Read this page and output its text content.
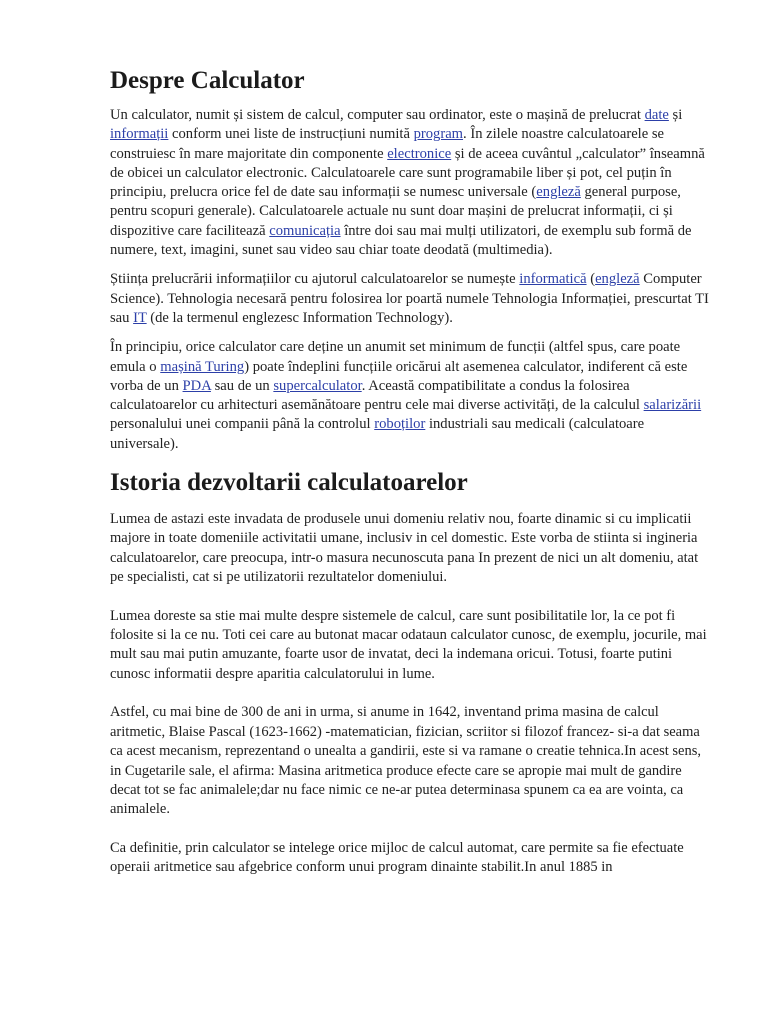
Despre Calculator

Un calculator, numit și sistem de calcul, computer sau ordinator, este o mașină de prelucrat date și informații conform unei liste de instrucțiuni numită program. În zilele noastre calculatoarele se construiesc în mare majoritate din componente electronice și de aceea cuvântul „calculator” înseamnă de obicei un calculator electronic. Calculatoarele care sunt programabile liber și pot, cel puțin în principiu, prelucra orice fel de date sau informații se numesc universale (engleză general purpose, pentru scopuri generale). Calculatoarele actuale nu sunt doar mașini de prelucrat informații, ci și dispozitive care facilitează comunicația între doi sau mai mulți utilizatori, de exemplu sub formă de numere, text, imagini, sunet sau video sau chiar toate deodată (multimedia).

Știința prelucrării informațiilor cu ajutorul calculatoarelor se numește informatică (engleză Computer Science). Tehnologia necesară pentru folosirea lor poartă numele Tehnologia Informației, prescurtat TI sau IT (de la termenul englezesc Information Technology).

În principiu, orice calculator care deține un anumit set minimum de funcții (altfel spus, care poate emula o mașină Turing) poate îndeplini funcțiile oricărui alt asemenea calculator, indiferent că este vorba de un PDA sau de un supercalculator. Această compatibilitate a condus la folosirea calculatoarelor cu arhitecturi asemănătoare pentru cele mai diverse activități, de la calculul salarizării personalului unei companii până la controlul roboților industriali sau medicali (calculatoare universale).

Istoria dezvoltarii calculatoarelor

Lumea de astazi este invadata de produsele unui domeniu relativ nou, foarte dinamic si cu implicatii majore in toate domeniile activitatii umane, inclusiv in cel domestic. Este vorba de stiinta si ingineria calculatoarelor, care preocupa, intr-o masura necunoscuta pana In prezent de nici un alt domeniu, atat pe specialisti, cat si pe utilizatorii rezultatelor domeniului.

Lumea doreste sa stie mai multe despre sistemele de calcul, care sunt posibilitatile lor, la ce pot fi folosite si la ce nu. Toti cei care au butonat macar odataun calculator cunosc, de exemplu, jocurile, mai mult sau mai putin amuzante, foarte usor de invatat, deci la indemana oricui. Totusi, foarte putini cunosc informatii despre aparitia calculatorului in lume.

Astfel, cu mai bine de 300 de ani in urma, si anume in 1642, inventand prima masina de calcul aritmetic, Blaise Pascal (1623-1662) -matematician, fizician, scriitor si filozof francez- si-a dat seama ca acest mecanism, reprezentand o unealta a gandirii, este si va ramane o creatie tehnica.In acest sens, in Cugetarile sale, el afirma: Masina aritmetica produce efecte care se apropie mai mult de gandire decat tot se fac animalele;dar nu face nimic ce ne-ar putea determinasa spunem ca ea are vointa, ca animalele.

Ca definitie, prin calculator se intelege orice mijloc de calcul automat, care permite sa fie efectuate operaii aritmetice sau afgebrice conform unui program dinainte stabilit.In anul 1885 in
